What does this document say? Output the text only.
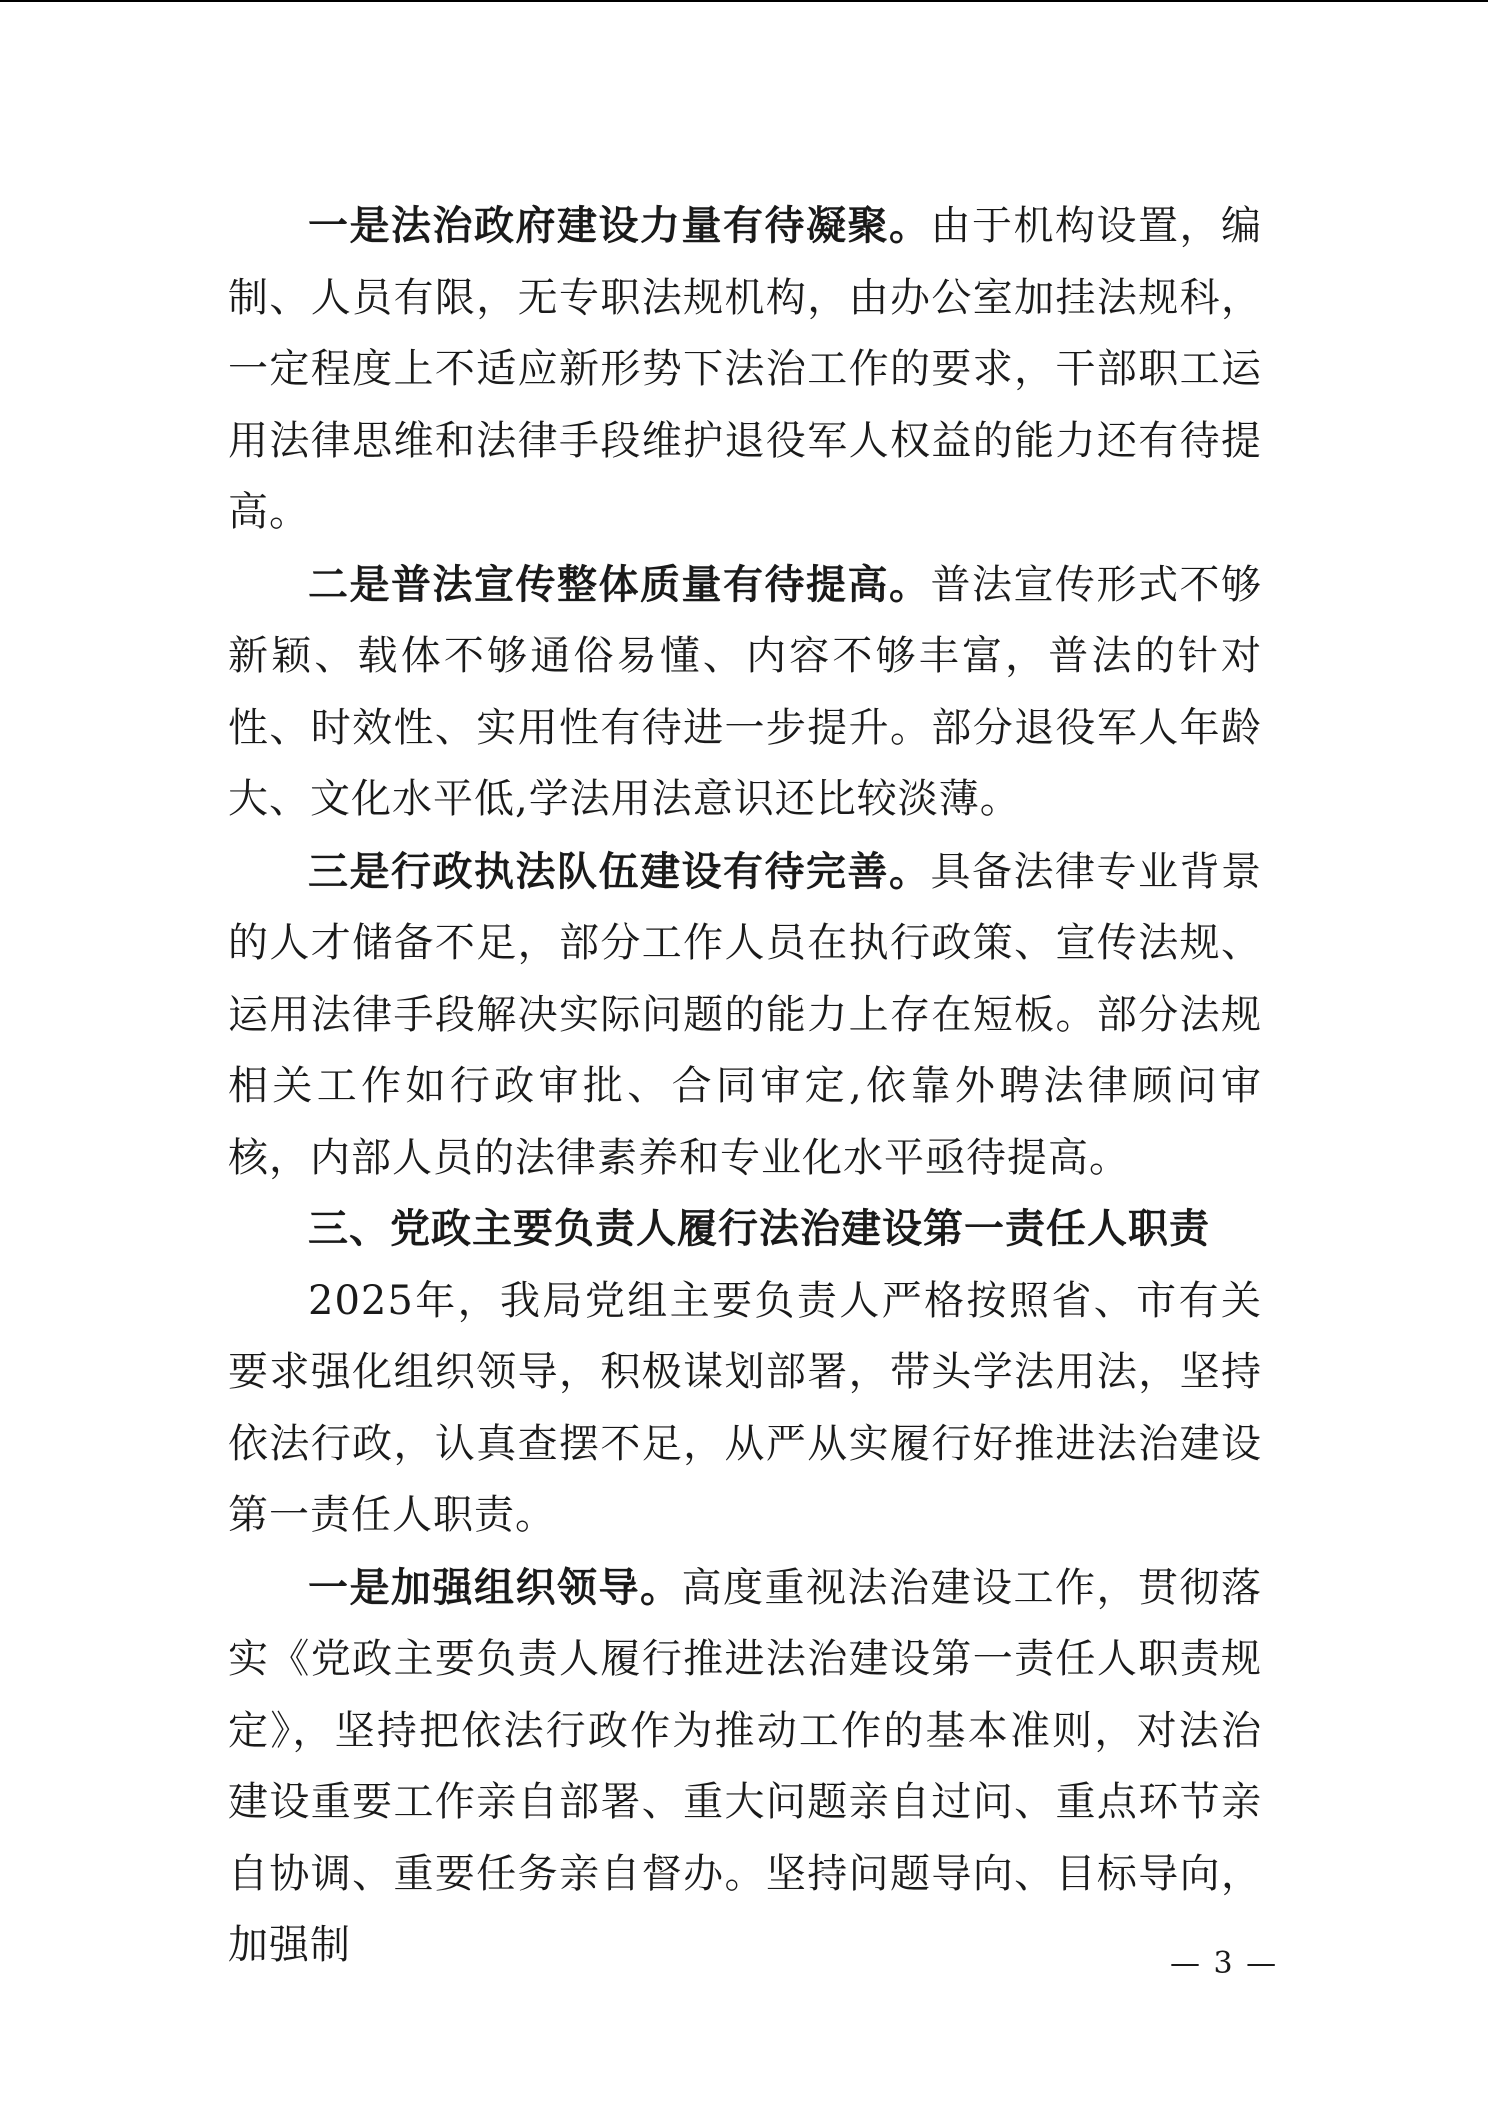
一是法治政府建设力量有待凝聚。由于机构设置，编制、人员有限，无专职法规机构，由办公室加挂法规科，一定程度上不适应新形势下法治工作的要求，干部职工运用法律思维和法律手段维护退役军人权益的能力还有待提高。

二是普法宣传整体质量有待提高。普法宣传形式不够新颖、载体不够通俗易懂、内容不够丰富，普法的针对性、时效性、实用性有待进一步提升。部分退役军人年龄大、文化水平低,学法用法意识还比较淡薄。

三是行政执法队伍建设有待完善。具备法律专业背景的人才储备不足，部分工作人员在执行政策、宣传法规、运用法律手段解决实际问题的能力上存在短板。部分法规相关工作如行政审批、合同审定,依靠外聘法律顾问审核，内部人员的法律素养和专业化水平亟待提高。

三、党政主要负责人履行法治建设第一责任人职责

2025年，我局党组主要负责人严格按照省、市有关要求强化组织领导，积极谋划部署，带头学法用法，坚持依法行政，认真查摆不足，从严从实履行好推进法治建设第一责任人职责。

一是加强组织领导。高度重视法治建设工作，贯彻落实《党政主要负责人履行推进法治建设第一责任人职责规定》，坚持把依法行政作为推动工作的基本准则，对法治建设重要工作亲自部署、重大问题亲自过问、重点环节亲自协调、重要任务亲自督办。坚持问题导向、目标导向，加强制	— 3 —
